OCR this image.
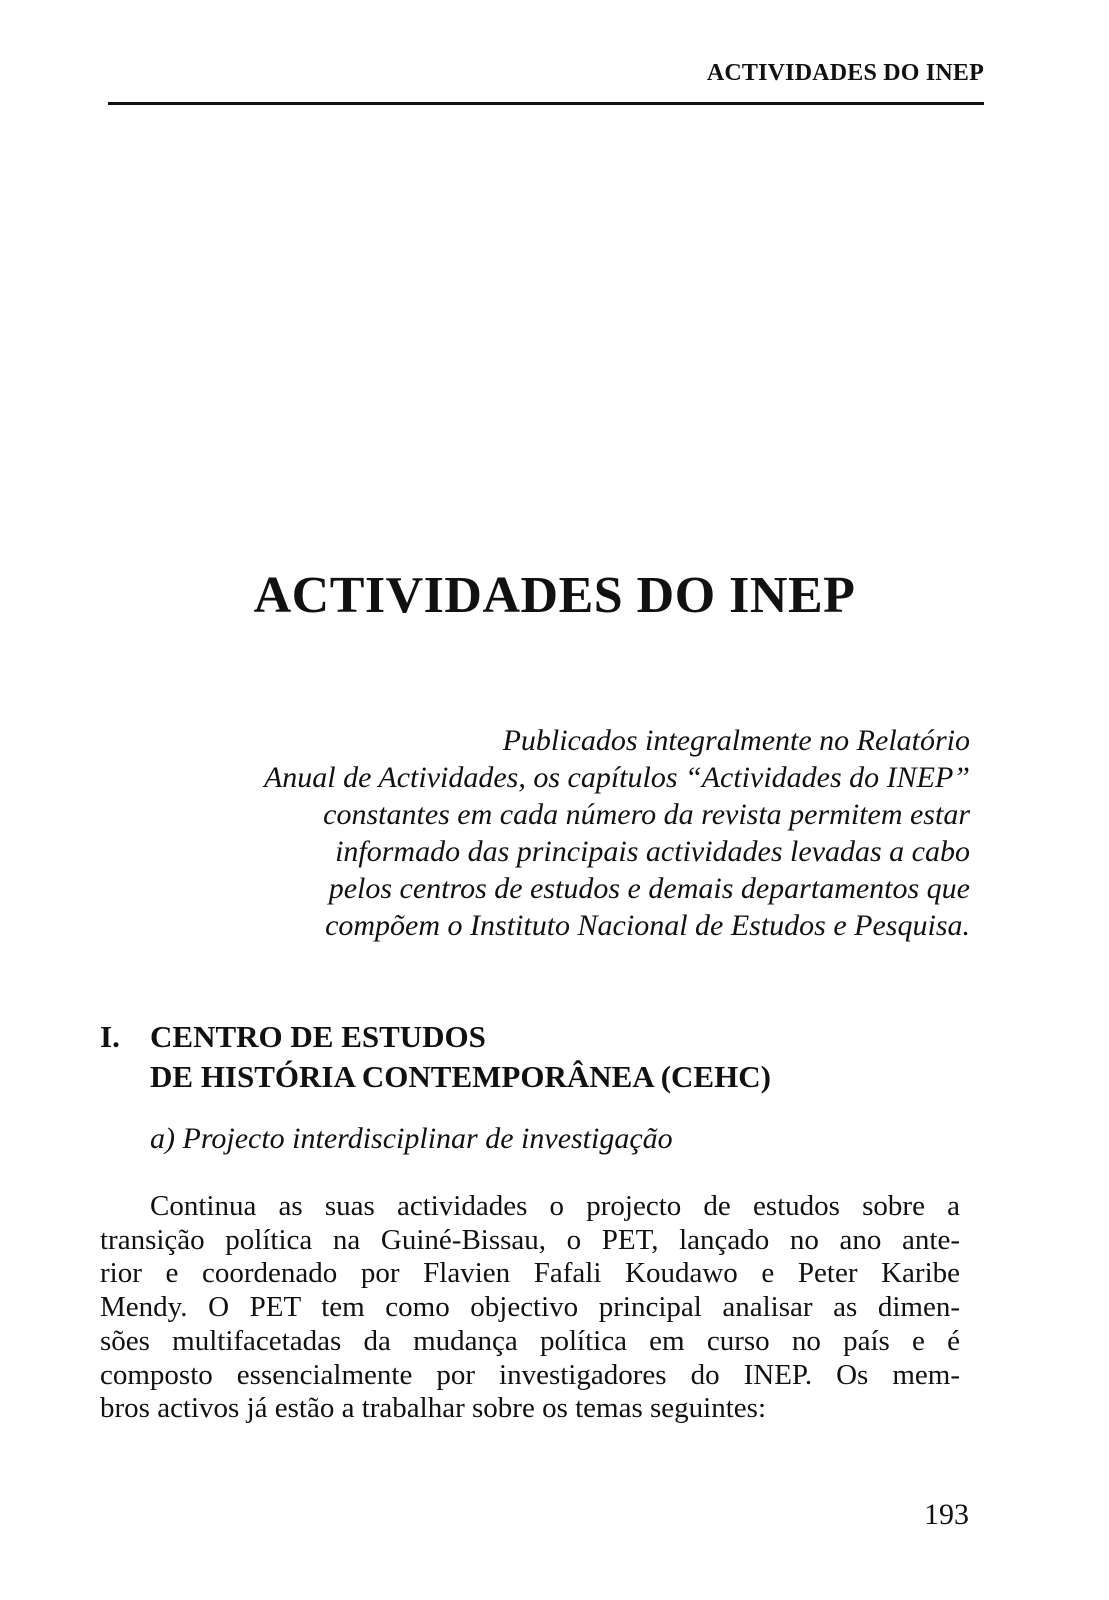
ACTIVIDADES DO INEP
ACTIVIDADES DO INEP
Publicados integralmente no Relatório
Anual de Actividades, os capítulos “Actividades do INEP”
constantes em cada número da revista permitem estar
informado das principais actividades levadas a cabo
pelos centros de estudos e demais departamentos que
compõem o Instituto Nacional de Estudos e Pesquisa.
I. CENTRO DE ESTUDOS
DE HISTÓRIA CONTEMPORÂNEA (CEHC)
a) Projecto interdisciplinar de investigação
Continua as suas actividades o projecto de estudos sobre a
transição política na Guiné-Bissau, o PET, lançado no ano ante-
rior e coordenado por Flavien Fafali Koudawo e Peter Karibe
Mendy. O PET tem como objectivo principal analisar as dimen-
sões multifacetadas da mudança política em curso no país e é
composto essencialmente por investigadores do INEP. Os mem-
bros activos já estão a trabalhar sobre os temas seguintes:
193
